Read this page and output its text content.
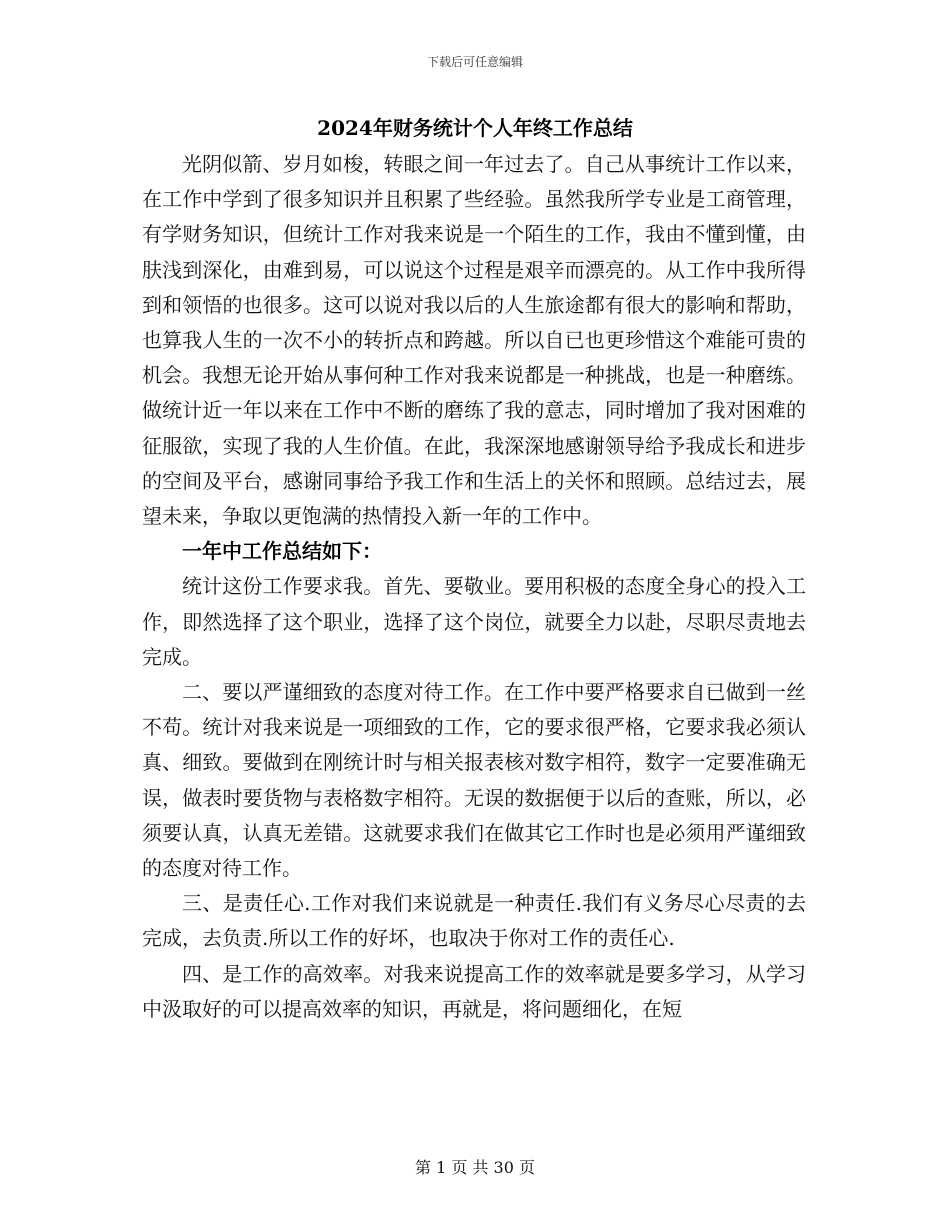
下载后可任意编辑
2024年财务统计个人年终工作总结

光阴似箭、岁月如梭，转眼之间一年过去了。自己从事统计工作以来，在工作中学到了很多知识并且积累了些经验。虽然我所学专业是工商管理，有学财务知识，但统计工作对我来说是一个陌生的工作，我由不懂到懂，由肤浅到深化，由难到易，可以说这个过程是艰辛而漂亮的。从工作中我所得到和领悟的也很多。这可以说对我以后的人生旅途都有很大的影响和帮助，也算我人生的一次不小的转折点和跨越。所以自已也更珍惜这个难能可贵的机会。我想无论开始从事何种工作对我来说都是一种挑战，也是一种磨练。做统计近一年以来在工作中不断的磨练了我的意志，同时增加了我对困难的征服欲，实现了我的人生价值。在此，我深深地感谢领导给予我成长和进步的空间及平台，感谢同事给予我工作和生活上的关怀和照顾。总结过去，展望未来，争取以更饱满的热情投入新一年的工作中。

一年中工作总结如下：

统计这份工作要求我。首先、要敬业。要用积极的态度全身心的投入工作，即然选择了这个职业，选择了这个岗位，就要全力以赴，尽职尽责地去完成。

二、要以严谨细致的态度对待工作。在工作中要严格要求自已做到一丝不苟。统计对我来说是一项细致的工作，它的要求很严格，它要求我必须认真、细致。要做到在刚统计时与相关报表核对数字相符，数字一定要准确无误，做表时要货物与表格数字相符。无误的数据便于以后的查账，所以，必须要认真，认真无差错。这就要求我们在做其它工作时也是必须用严谨细致的态度对待工作。

三、是责任心.工作对我们来说就是一种责任.我们有义务尽心尽责的去完成，去负责.所以工作的好坏，也取决于你对工作的责任心.

四、是工作的高效率。对我来说提高工作的效率就是要多学习，从学习中汲取好的可以提高效率的知识，再就是，将问题细化，在短

第 1 页 共 30 页
